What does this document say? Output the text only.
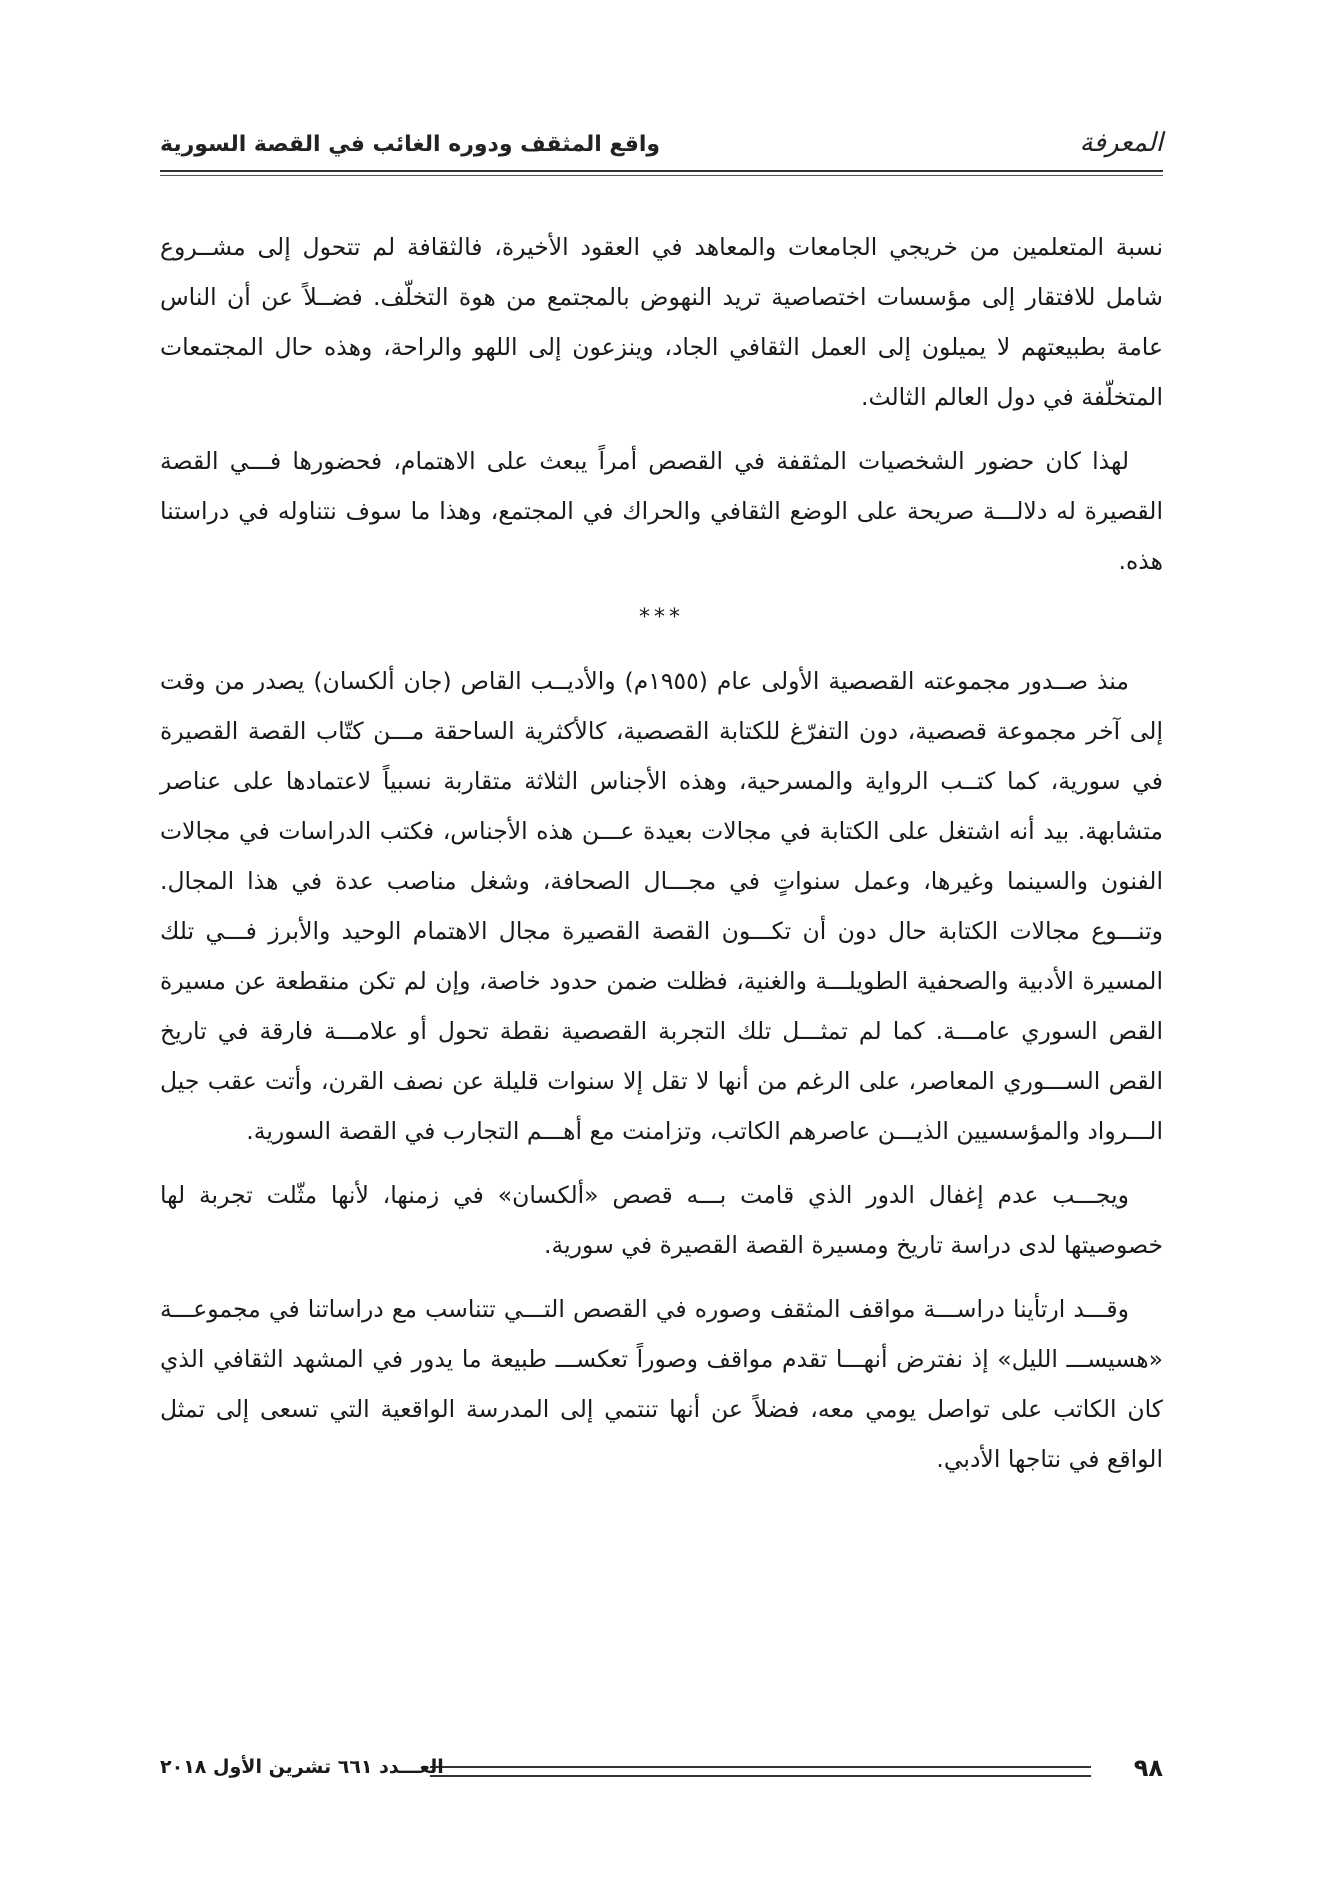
المعرفة
واقع المثقف ودوره الغائب في القصة السورية

نسبة المتعلمين من خريجي الجامعات والمعاهد في العقود الأخيرة، فالثقافة لم تتحول إلى مشــروع شامل للافتقار إلى مؤسسات اختصاصية تريد النهوض بالمجتمع من هوة التخلّف. فضــلاً عن أن الناس عامة بطبيعتهم لا يميلون إلى العمل الثقافي الجاد، وينزعون إلى اللهو والراحة، وهذه حال المجتمعات المتخلّفة في دول العالم الثالث.

لهذا كان حضور الشخصيات المثقفة في القصص أمراً يبعث على الاهتمام، فحضورها فـــي القصة القصيرة له دلالـــة صريحة على الوضع الثقافي والحراك في المجتمع، وهذا ما سوف نتناوله في دراستنا هذه.

***

منذ صــدور مجموعته القصصية الأولى عام (١٩٥٥م) والأديــب القاص (جان ألكسان) يصدر من وقت إلى آخر مجموعة قصصية، دون التفرّغ للكتابة القصصية، كالأكثرية الساحقة مـــن كتّاب القصة القصيرة في سورية، كما كتــب الرواية والمسرحية، وهذه الأجناس الثلاثة متقاربة نسبياً لاعتمادها على عناصر متشابهة. بيد أنه اشتغل على الكتابة في مجالات بعيدة عـــن هذه الأجناس، فكتب الدراسات في مجالات الفنون والسينما وغيرها، وعمل سنواتٍ في مجـــال الصحافة، وشغل مناصب عدة في هذا المجال. وتنـــوع مجالات الكتابة حال دون أن تكـــون القصة القصيرة مجال الاهتمام الوحيد والأبرز فـــي تلك المسيرة الأدبية والصحفية الطويلـــة والغنية، فظلت ضمن حدود خاصة، وإن لم تكن منقطعة عن مسيرة القص السوري عامـــة. كما لم تمثـــل تلك التجربة القصصية نقطة تحول أو علامـــة فارقة في تاريخ القص الســـوري المعاصر، على الرغم من أنها لا تقل إلا سنوات قليلة عن نصف القرن، وأتت عقب جيل الـــرواد والمؤسسيين الذيـــن عاصرهم الكاتب، وتزامنت مع أهـــم التجارب في القصة السورية.

ويجـــب عدم إغفال الدور الذي قامت بـــه قصص «ألكسان» في زمنها، لأنها مثّلت تجربة لها خصوصيتها لدى دراسة تاريخ ومسيرة القصة القصيرة في سورية.

وقـــد ارتأينا دراســـة مواقف المثقف وصوره في القصص التـــي تتناسب مع دراساتنا في مجموعـــة «هسيســـ الليل» إذ نفترض أنهـــا تقدم مواقف وصوراً تعكســـ طبيعة ما يدور في المشهد الثقافي الذي كان الكاتب على تواصل يومي معه، فضلاً عن أنها تنتمي إلى المدرسة الواقعية التي تسعى إلى تمثل الواقع في نتاجها الأدبي.

٩٨
العـــدد ٦٦١ تشرين الأول ٢٠١٨
